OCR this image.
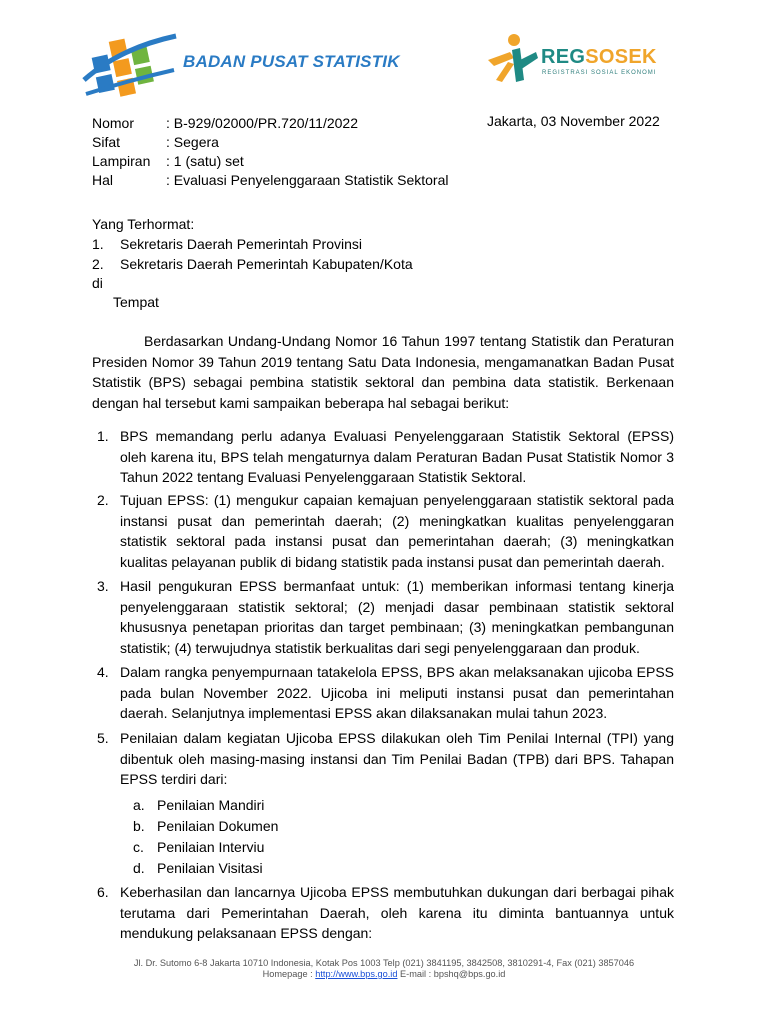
BADAN PUSAT STATISTIK	REGSOSEK
REGISTRASI SOSIAL EKONOMI
Nomor : B-929/02000/PR.720/11/2022
Sifat	: Segera
Lampiran : 1 (satu) set
Hal	: Evaluasi Penyelenggaraan Statistik Sektoral
Jakarta, 03 November 2022
Yang Terhormat:
1. Sekretaris Daerah Pemerintah Provinsi
2. Sekretaris Daerah Pemerintah Kabupaten/Kota
di
Tempat
Berdasarkan Undang-Undang Nomor 16 Tahun 1997 tentang Statistik dan Peraturan Presiden Nomor 39 Tahun 2019 tentang Satu Data Indonesia, mengamanatkan Badan Pusat Statistik (BPS) sebagai pembina statistik sektoral dan pembina data statistik. Berkenaan dengan hal tersebut kami sampaikan beberapa hal sebagai berikut:
1. BPS memandang perlu adanya Evaluasi Penyelenggaraan Statistik Sektoral (EPSS) oleh karena itu, BPS telah mengaturnya dalam Peraturan Badan Pusat Statistik Nomor 3 Tahun 2022 tentang Evaluasi Penyelenggaraan Statistik Sektoral.
2. Tujuan EPSS: (1) mengukur capaian kemajuan penyelenggaraan statistik sektoral pada instansi pusat dan pemerintah daerah; (2) meningkatkan kualitas penyelenggaran statistik sektoral pada instansi pusat dan pemerintahan daerah; (3) meningkatkan kualitas pelayanan publik di bidang statistik pada instansi pusat dan pemerintah daerah.
3. Hasil pengukuran EPSS bermanfaat untuk: (1) memberikan informasi tentang kinerja penyelenggaraan statistik sektoral; (2) menjadi dasar pembinaan statistik sektoral khususnya penetapan prioritas dan target pembinaan; (3) meningkatkan pembangunan statistik; (4) terwujudnya statistik berkualitas dari segi penyelenggaraan dan produk.
4. Dalam rangka penyempurnaan tatakelola EPSS, BPS akan melaksanakan ujicoba EPSS pada bulan November 2022. Ujicoba ini meliputi instansi pusat dan pemerintahan daerah. Selanjutnya implementasi EPSS akan dilaksanakan mulai tahun 2023.
5. Penilaian dalam kegiatan Ujicoba EPSS dilakukan oleh Tim Penilai Internal (TPI) yang dibentuk oleh masing-masing instansi dan Tim Penilai Badan (TPB) dari BPS. Tahapan EPSS terdiri dari:
a. Penilaian Mandiri
b. Penilaian Dokumen
c. Penilaian Interviu
d. Penilaian Visitasi
6. Keberhasilan dan lancarnya Ujicoba EPSS membutuhkan dukungan dari berbagai pihak terutama dari Pemerintahan Daerah, oleh karena itu diminta bantuannya untuk mendukung pelaksanaan EPSS dengan:
Jl. Dr. Sutomo 6-8 Jakarta 10710 Indonesia, Kotak Pos 1003 Telp (021) 3841195, 3842508, 3810291-4, Fax (021) 3857046
Homepage : http://www.bps.go.id E-mail : bpshq@bps.go.id
